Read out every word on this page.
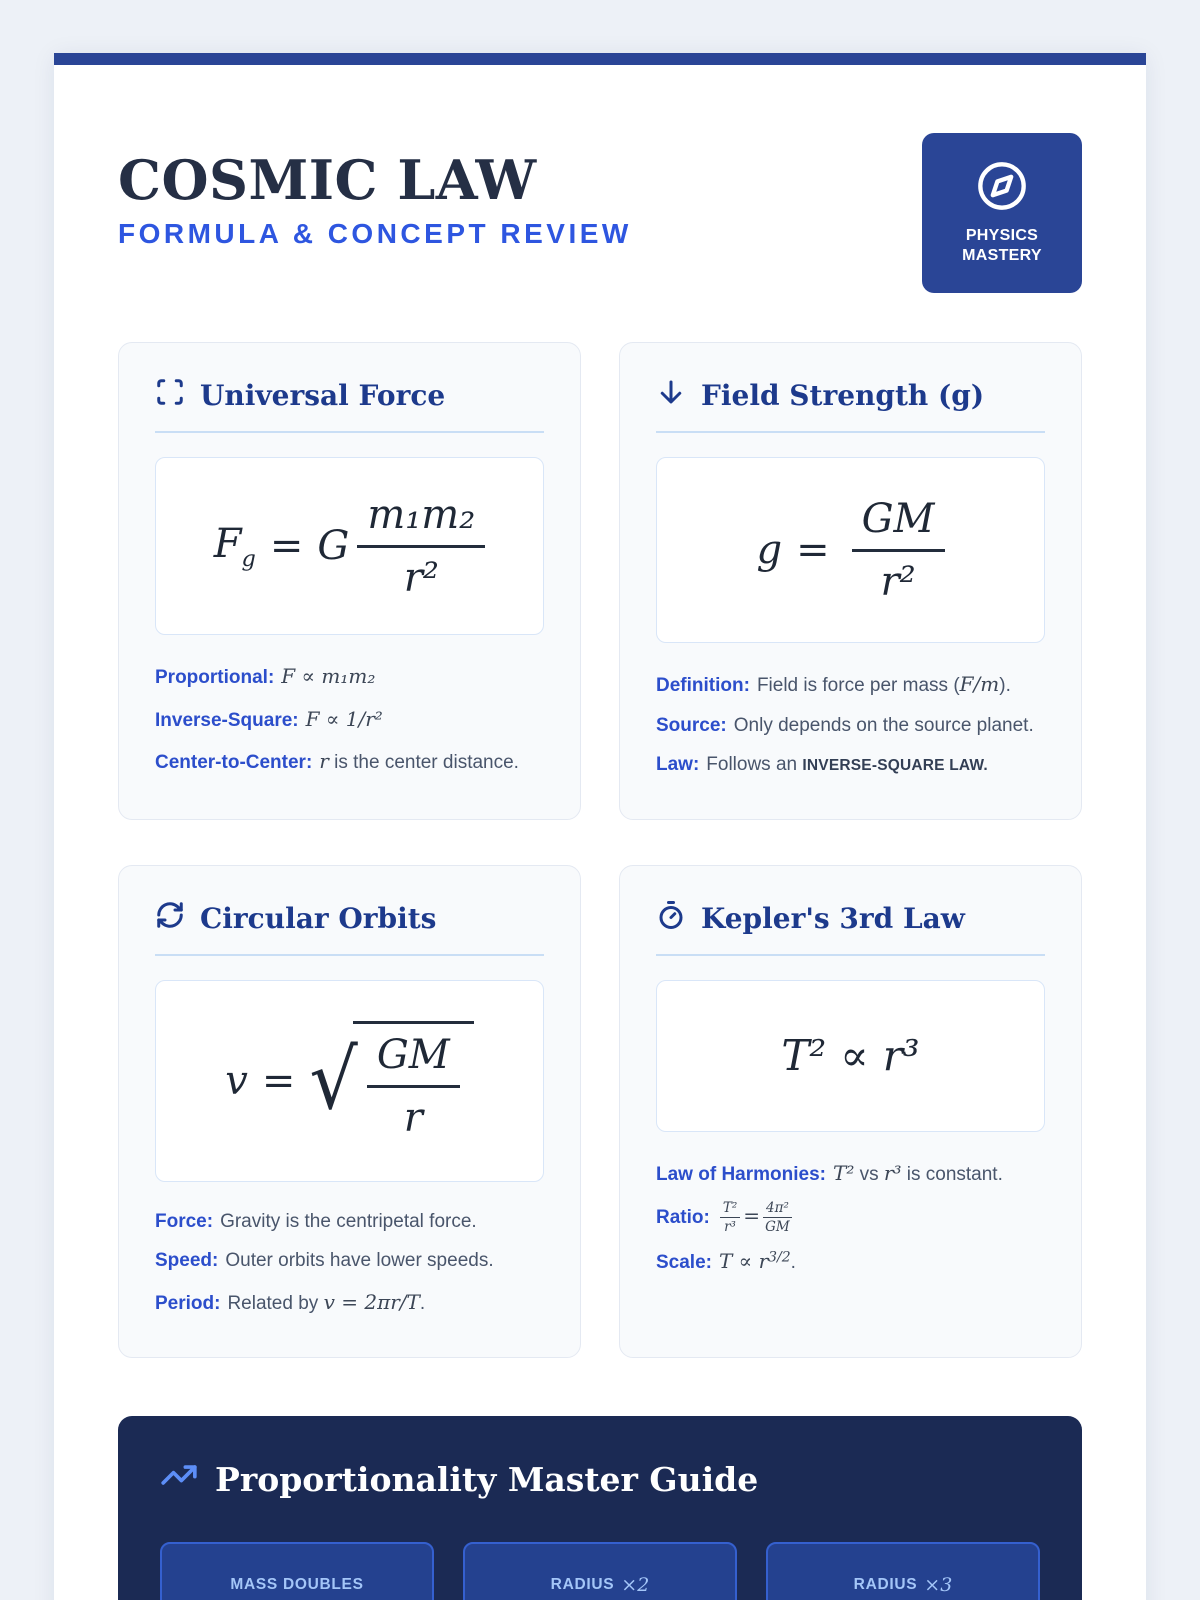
COSMIC LAW
FORMULA & CONCEPT REVIEW	PHYSICS
MASTERY
Universal Force
$F_g = G \frac{\text{m₁m₂}}{\text{r²}}$

Proportional: F ∝ m₁m₂

Inverse-Square: F ∝ 1/r²

Center-to-Center: r is the center distance.

Field Strength (g)
$g = \frac{GM}{\text{r²}}$

Definition: Field is force per mass (F/m).

Source: Only depends on the source planet.

Law: Follows an INVERSE-SQUARE LAW.

Circular Orbits
v = √ $\frac{GM}{r}$

Force: Gravity is the centripetal force.

Speed: Outer orbits have lower speeds.

Period: Related by v = 2πr/T.

Kepler's 3rd Law
T² ∝ r³

Law of Harmonies: T² vs r³ is constant.

Ratio: $\frac{\text{T²}}{\text{r³}} = \frac{\text{4π²}}{GM}$

Scale: $T \propto r^{3/2}$.

Proportionality Master Guide
MASS DOUBLES	RADIUS ×2	RADIUS ×3
